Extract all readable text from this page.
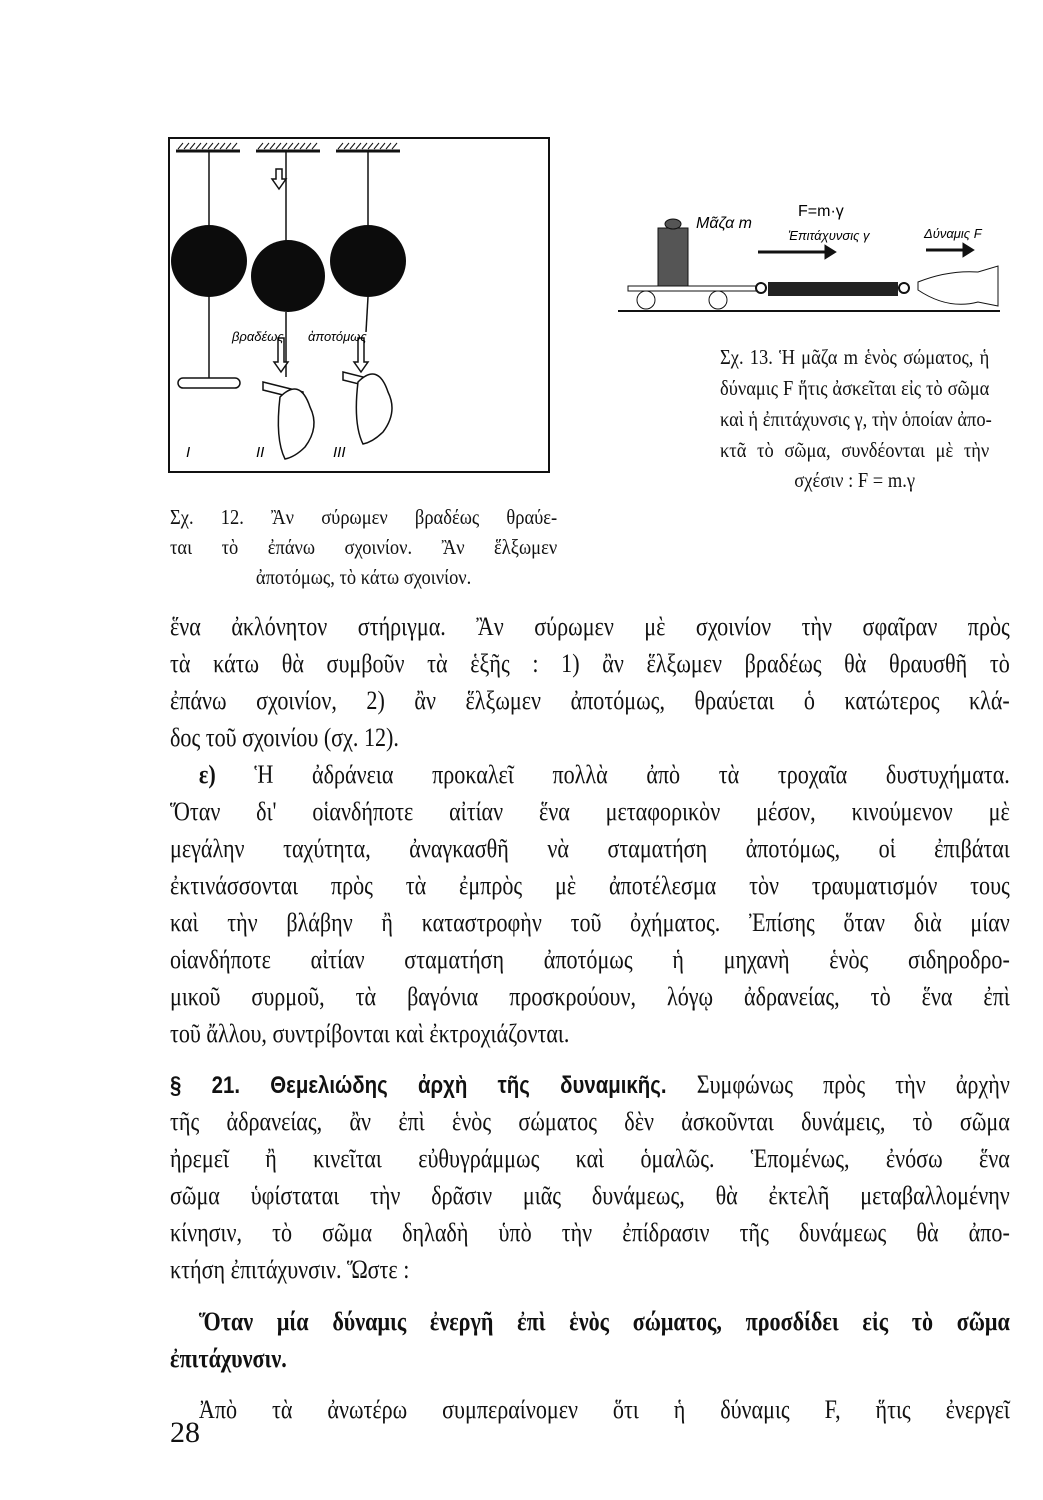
βραδέως ἀποτόμως
I	II	III
Σχ. 12. Ἂν σύρωμεν βραδέως θραύε-
ται τὸ ἐπάνω σχοινίον. Ἂν ἕλξωμεν
ἀποτόμως, τὸ κάτω σχοινίον.
Μᾶζα m
F=m·γ
Ἐπιτάχυνσις γ	Δύναμις F
Σχ. 13. Ἡ μᾶζα m ἑνὸς σώματος, ἡ
δύναμις F ἥτις ἀσκεῖται εἰς τὸ σῶμα
καὶ ἡ ἐπιτάχυνσις γ, τὴν ὁποίαν ἀπο-
κτᾶ τὸ σῶμα, συνδέονται μὲ τὴν
σχέσιν : F = m.γ
ἕνα ἀκλόνητον στήριγμα. Ἂν σύρωμεν μὲ σχοινίον τὴν σφαῖραν πρὸς
τὰ κάτω θὰ συμβοῦν τὰ ἑξῆς : 1) ἂν ἕλξωμεν βραδέως θὰ θραυσθῆ τὸ
ἐπάνω σχοινίον, 2) ἂν ἕλξωμεν ἀποτόμως, θραύεται ὁ κατώτερος κλά-
δος τοῦ σχοινίου (σχ. 12).
ε) Ἡ ἀδράνεια προκαλεῖ πολλὰ ἀπὸ τὰ τροχαῖα δυστυχήματα.
Ὅταν δι' οἱανδήποτε αἰτίαν ἕνα μεταφορικὸν μέσον, κινούμενον μὲ
μεγάλην ταχύτητα, ἀναγκασθῆ νὰ σταματήση ἀποτόμως, οἱ ἐπιβάται
ἐκτινάσσονται πρὸς τὰ ἐμπρὸς μὲ ἀποτέλεσμα τὸν τραυματισμόν τους
καὶ τὴν βλάβην ἢ καταστροφὴν τοῦ ὀχήματος. Ἐπίσης ὅταν διὰ μίαν
οἱανδήποτε αἰτίαν σταματήση ἀποτόμως ἡ μηχανὴ ἑνὸς σιδηροδρο-
μικοῦ συρμοῦ, τὰ βαγόνια προσκρούουν, λόγῳ ἀδρανείας, τὸ ἕνα ἐπὶ
τοῦ ἄλλου, συντρίβονται καὶ ἐκτροχιάζονται.
§ 21. Θεμελιώδης ἀρχὴ τῆς δυναμικῆς. Συμφώνως πρὸς τὴν ἀρχὴν
τῆς ἀδρανείας, ἂν ἐπὶ ἑνὸς σώματος δὲν ἀσκοῦνται δυνάμεις, τὸ σῶμα
ἠρεμεῖ ἢ κινεῖται εὐθυγράμμως καὶ ὁμαλῶς. Ἑπομένως, ἐνόσω ἕνα
σῶμα ὑφίσταται τὴν δρᾶσιν μιᾶς δυνάμεως, θὰ ἐκτελῆ μεταβαλλομένην
κίνησιν, τὸ σῶμα δηλαδὴ ὑπὸ τὴν ἐπίδρασιν τῆς δυνάμεως θὰ ἀπο-
κτήση ἐπιτάχυνσιν. Ὥστε :
Ὅταν μία δύναμις ἐνεργῆ ἐπὶ ἑνὸς σώματος, προσδίδει εἰς τὸ σῶμα
ἐπιτάχυνσιν.
Ἀπὸ τὰ ἀνωτέρω συμπεραίνομεν ὅτι ἡ δύναμις F, ἥτις ἐνεργεῖ
28
